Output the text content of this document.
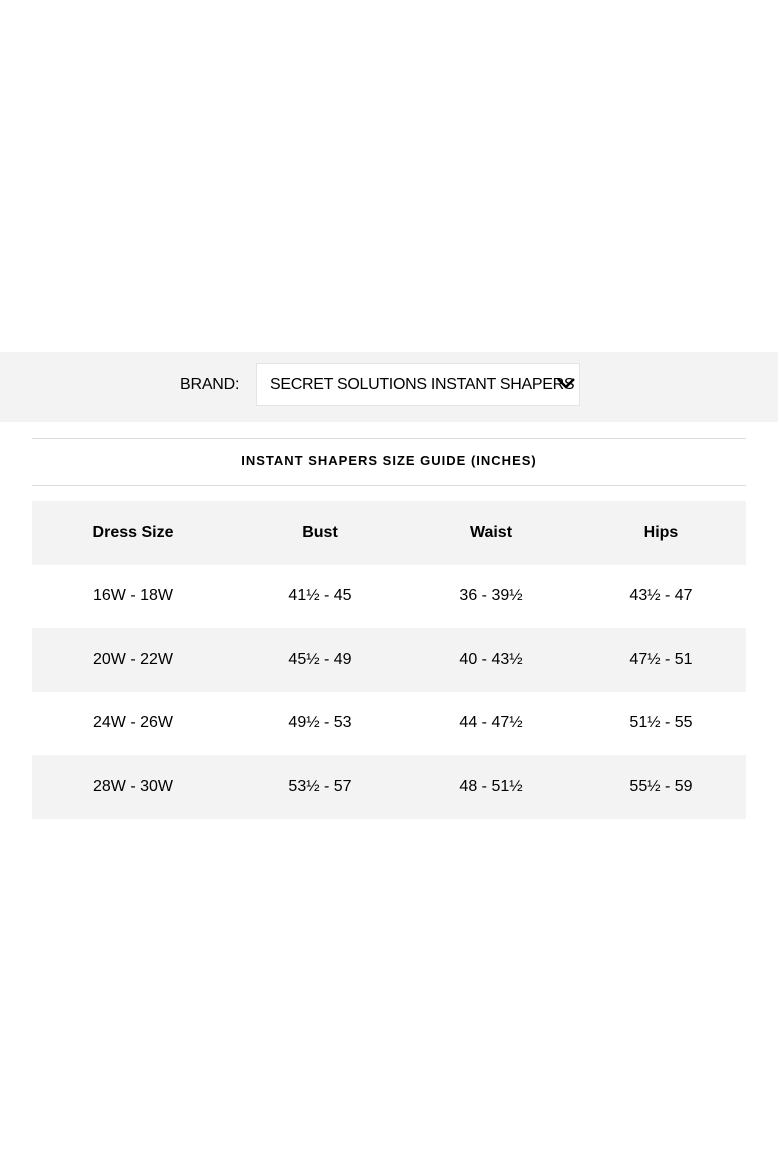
BRAND: SECRET SOLUTIONS INSTANT SHAPERS
INSTANT SHAPERS SIZE GUIDE (INCHES)
Dress Size	Bust	Waist	Hips
16W - 18W	41½ - 45	36 - 39½	43½ - 47
20W - 22W	45½ - 49	40 - 43½	47½ - 51
24W - 26W	49½ - 53	44 - 47½	51½ - 55
28W - 30W	53½ - 57	48 - 51½	55½ - 59
